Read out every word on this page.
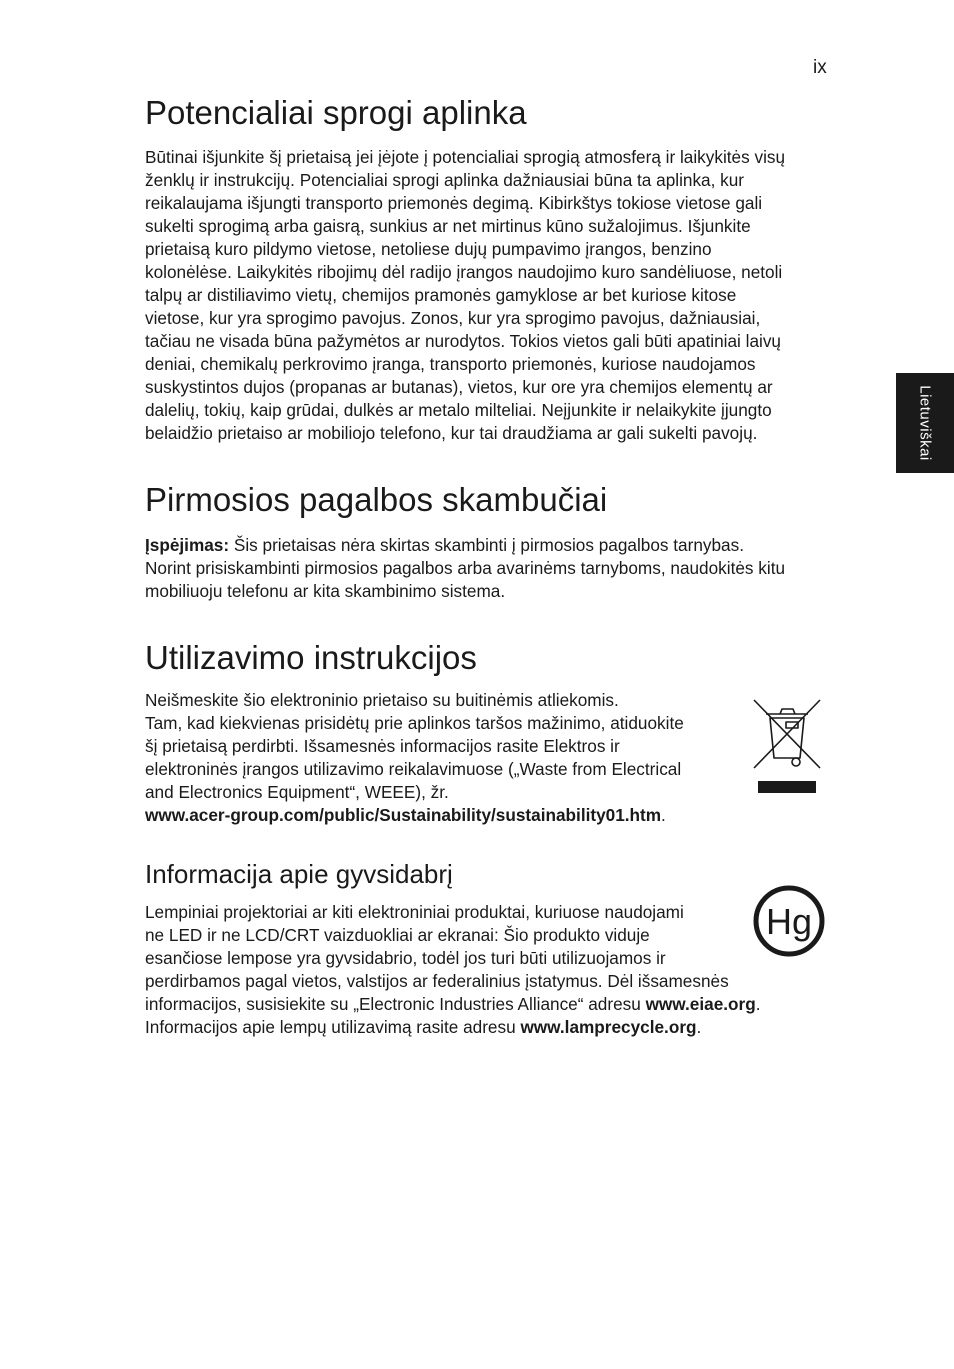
ix
Lietuviškai
Potencialiai sprogi aplinka
Būtinai išjunkite šį prietaisą jei įėjote į potencialiai sprogią atmosferą ir laikykitės visų
ženklų ir instrukcijų. Potencialiai sprogi aplinka dažniausiai būna ta aplinka, kur
reikalaujama išjungti transporto priemonės degimą. Kibirkštys tokiose vietose gali
sukelti sprogimą arba gaisrą, sunkius ar net mirtinus kūno sužalojimus. Išjunkite
prietaisą kuro pildymo vietose, netoliese dujų pumpavimo įrangos, benzino
kolonėlėse. Laikykitės ribojimų dėl radijo įrangos naudojimo kuro sandėliuose, netoli
talpų ar distiliavimo vietų, chemijos pramonės gamyklose ar bet kuriose kitose
vietose, kur yra sprogimo pavojus. Zonos, kur yra sprogimo pavojus, dažniausiai,
tačiau ne visada būna pažymėtos ar nurodytos. Tokios vietos gali būti apatiniai laivų
deniai, chemikalų perkrovimo įranga, transporto priemonės, kuriose naudojamos
suskystintos dujos (propanas ar butanas), vietos, kur ore yra chemijos elementų ar
dalelių, tokių, kaip grūdai, dulkės ar metalo milteliai. Neįjunkite ir nelaikykite įjungto
belaidžio prietaiso ar mobiliojo telefono, kur tai draudžiama ar gali sukelti pavojų.
Pirmosios pagalbos skambučiai
Įspėjimas: Šis prietaisas nėra skirtas skambinti į pirmosios pagalbos tarnybas.
Norint prisiskambinti pirmosios pagalbos arba avarinėms tarnyboms, naudokitės kitu
mobiliuoju telefonu ar kita skambinimo sistema.
Utilizavimo instrukcijos
Neišmeskite šio elektroninio prietaiso su buitinėmis atliekomis.
Tam, kad kiekvienas prisidėtų prie aplinkos taršos mažinimo, atiduokite
šį prietaisą perdirbti. Išsamesnės informacijos rasite Elektros ir
elektroninės įrangos utilizavimo reikalavimuose („Waste from Electrical
and Electronics Equipment“, WEEE), žr.
www.acer-group.com/public/Sustainability/sustainability01.htm.
Informacija apie gyvsidabrį
Lempiniai projektoriai ar kiti elektroniniai produktai, kuriuose naudojami
ne LED ir ne LCD/CRT vaizduokliai ar ekranai: Šio produkto viduje
esančiose lempose yra gyvsidabrio, todėl jos turi būti utilizuojamos ir
perdirbamos pagal vietos, valstijos ar federalinius įstatymus. Dėl išsamesnės
informacijos, susisiekite su „Electronic Industries Alliance“ adresu www.eiae.org.
Informacijos apie lempų utilizavimą rasite adresu www.lamprecycle.org.
Hg
